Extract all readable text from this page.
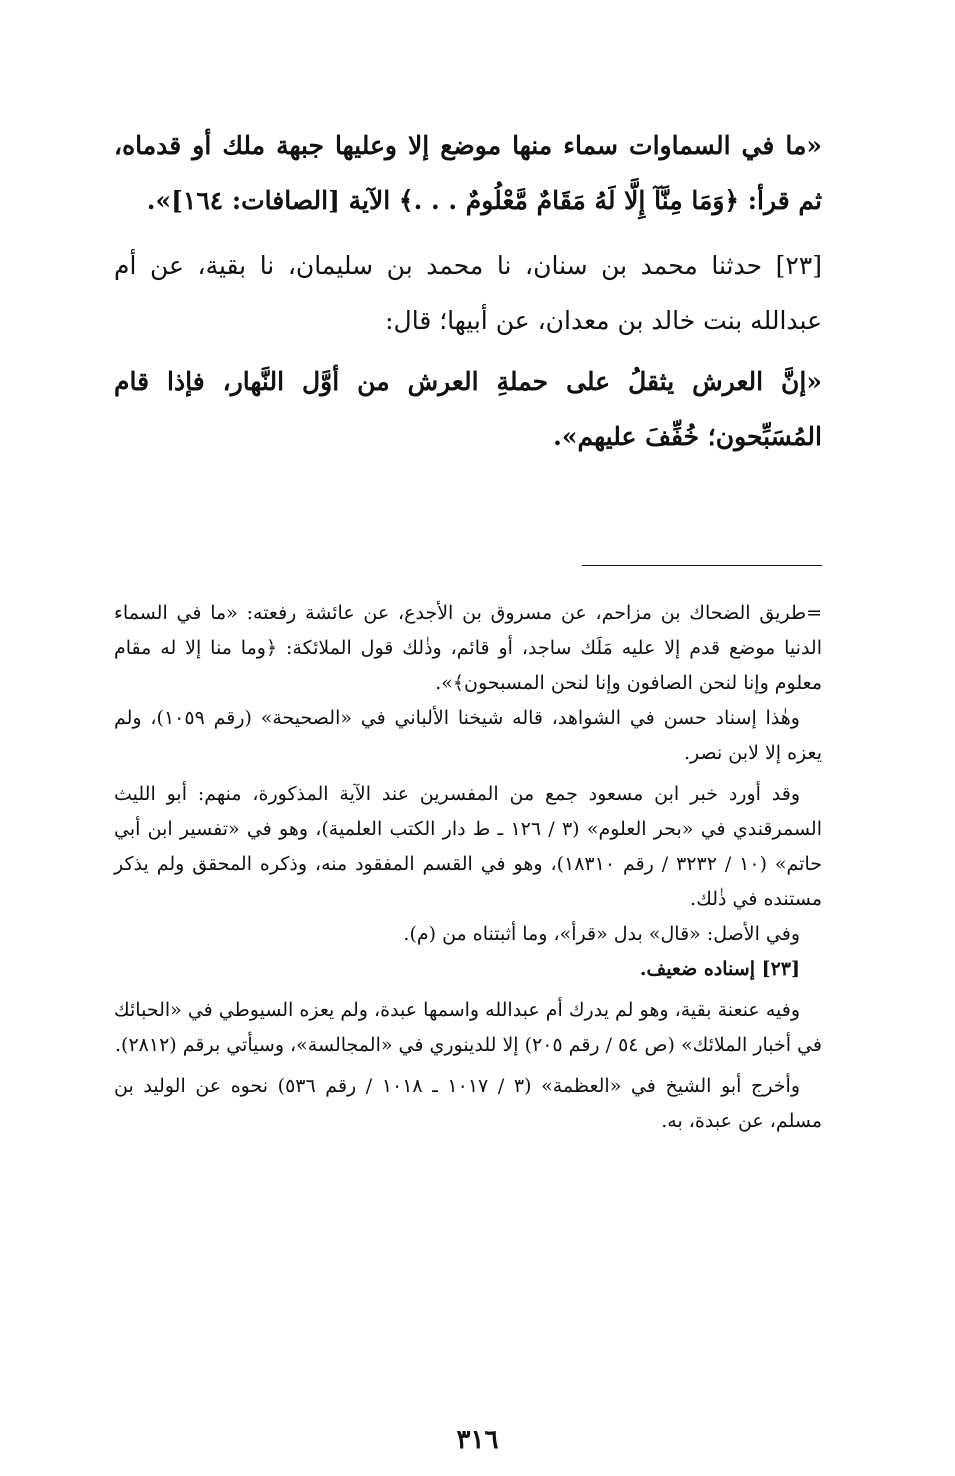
«ما في السماوات سماء منها موضع إلا وعليها جبهة ملك أو قدماه، ثم قرأ: ﴿وَمَا مِنَّآ إِلَّا لَهُ مَقَامٌ مَّعْلُومٌ . . .﴾ الآية [الصافات: ١٦٤]».

[٢٣] حدثنا محمد بن سنان، نا محمد بن سليمان، نا بقية، عن أم عبدالله بنت خالد بن معدان، عن أبيها؛ قال:

«إنَّ العرش يثقلُ على حملةِ العرش من أوَّل النَّهار، فإذا قام المُسَبِّحون؛ خُفِّفَ عليهم».

=طريق الضحاك بن مزاحم، عن مسروق بن الأجدع، عن عائشة رفعته: «ما في السماء الدنيا موضع قدم إلا عليه مَلَك ساجد، أو قائم، وذٰلك قول الملائكة: ﴿وما منا إلا له مقام معلوم وإنا لنحن الصافون وإنا لنحن المسبحون﴾».

وهٰذا إسناد حسن في الشواهد، قاله شيخنا الألباني في «الصحيحة» (رقم ١٠٥٩)، ولم يعزه إلا لابن نصر.

وقد أورد خبر ابن مسعود جمع من المفسرين عند الآية المذكورة، منهم: أبو الليث السمرقندي في «بحر العلوم» (٣ / ١٢٦ ـ ط دار الكتب العلمية)، وهو في «تفسير ابن أبي حاتم» (١٠ / ٣٢٣٢ / رقم ١٨٣١٠)، وهو في القسم المفقود منه، وذكره المحقق ولم يذكر مستنده في ذٰلك.

وفي الأصل: «قال» بدل «قرأ»، وما أثبتناه من (م).

[٢٣] إسناده ضعيف.

وفيه عنعنة بقية، وهو لم يدرك أم عبدالله واسمها عبدة، ولم يعزه السيوطي في «الحبائك في أخبار الملائك» (ص ٥٤ / رقم ٢٠٥) إلا للدينوري في «المجالسة»، وسيأتي برقم (٢٨١٢).

وأخرج أبو الشيخ في «العظمة» (٣ / ١٠١٧ ـ ١٠١٨ / رقم ٥٣٦) نحوه عن الوليد بن مسلم، عن عبدة، به.

٣١٦
